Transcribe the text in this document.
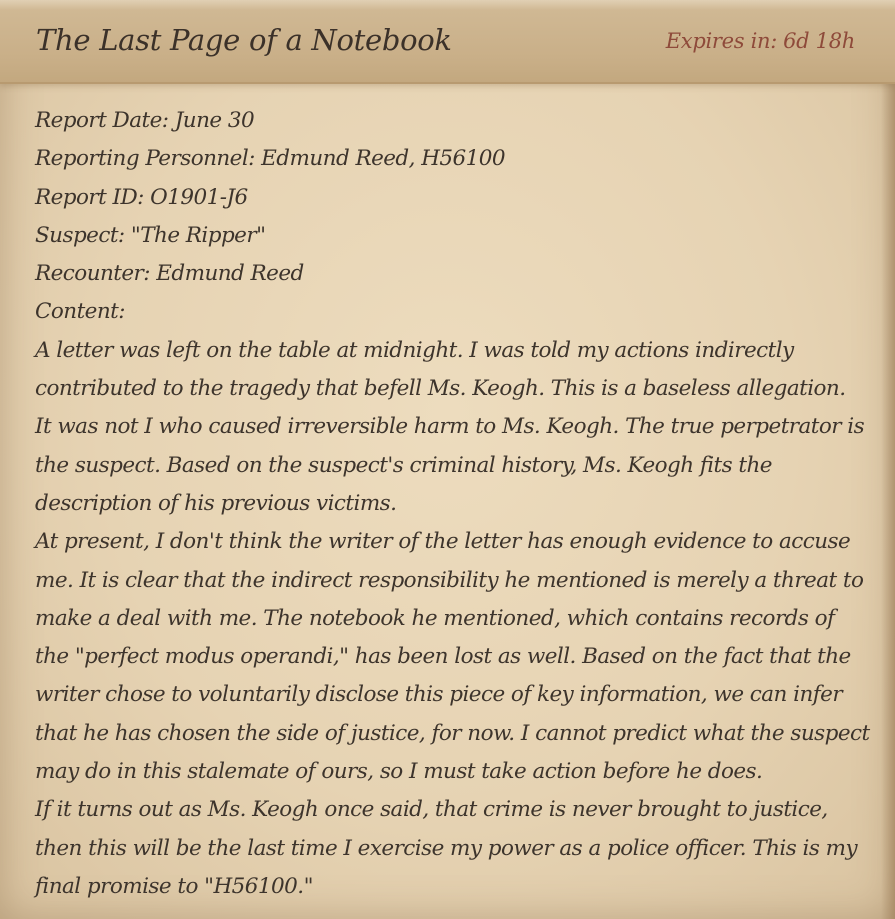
The Last Page of a Notebook	Expires in: 6d 18h
Report Date: June 30
Reporting Personnel: Edmund Reed, H56100
Report ID: O1901-J6
Suspect: "The Ripper"
Recounter: Edmund Reed
Content:
A letter was left on the table at midnight. I was told my actions indirectly
contributed to the tragedy that befell Ms. Keogh. This is a baseless allegation.
It was not I who caused irreversible harm to Ms. Keogh. The true perpetrator is
the suspect. Based on the suspect's criminal history, Ms. Keogh fits the
description of his previous victims.
At present, I don't think the writer of the letter has enough evidence to accuse
me. It is clear that the indirect responsibility he mentioned is merely a threat to
make a deal with me. The notebook he mentioned, which contains records of
the "perfect modus operandi," has been lost as well. Based on the fact that the
writer chose to voluntarily disclose this piece of key information, we can infer
that he has chosen the side of justice, for now. I cannot predict what the suspect
may do in this stalemate of ours, so I must take action before he does.
If it turns out as Ms. Keogh once said, that crime is never brought to justice,
then this will be the last time I exercise my power as a police officer. This is my
final promise to "H56100."
